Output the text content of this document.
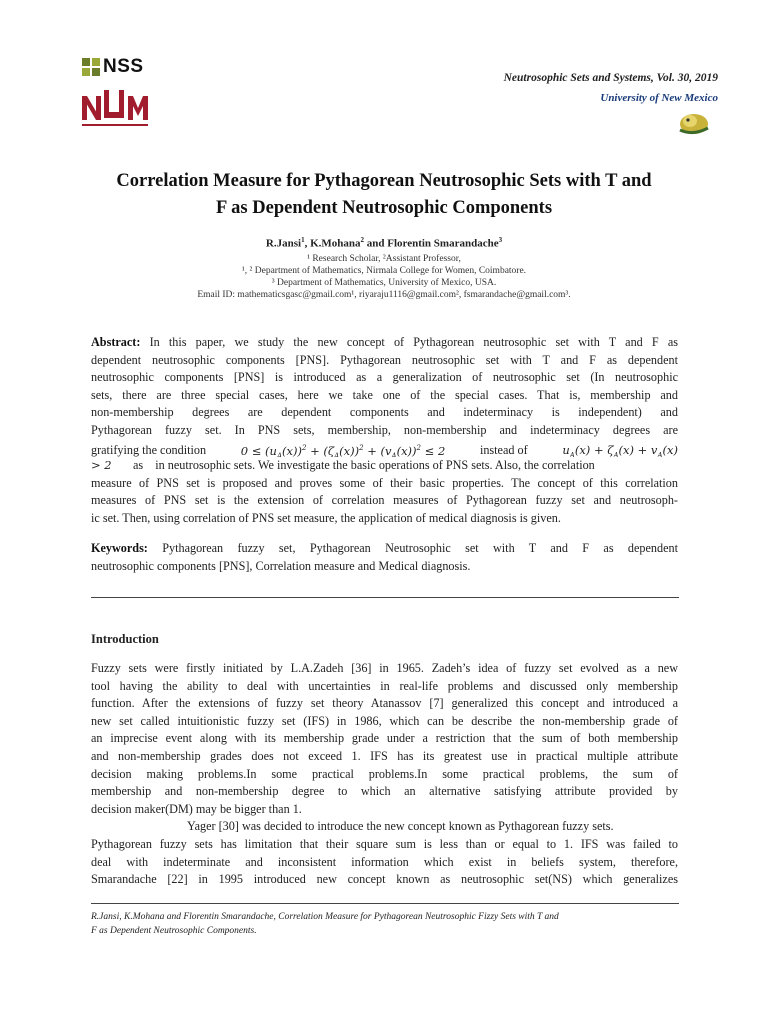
NSS
Neutrosophic Sets and Systems, Vol. 30, 2019
University of New Mexico
Correlation Measure for Pythagorean Neutrosophic Sets with T and
F as Dependent Neutrosophic Components
R.Jansi$^1$, K.Mohana$^2$ and Florentin Smarandache$^3$
¹ Research Scholar, ²Assistant Professor,
¹, ² Department of Mathematics, Nirmala College for Women, Coimbatore.
³ Department of Mathematics, University of Mexico, USA.
Email ID: mathematicsgasc@gmail.com¹, riyaraju1116@gmail.com², fsmarandache@gmail.com³.
Abstract: In this paper, we study the new concept of Pythagorean neutrosophic set with T and F as
dependent neutrosophic components [PNS]. Pythagorean neutrosophic set with T and F as dependent
neutrosophic components [PNS] is introduced as a generalization of neutrosophic set (In neutrosophic
sets, there are three special cases, here we take one of the special cases. That is, membership and
non-membership degrees are dependent components and indeterminacy is independent) and
Pythagorean fuzzy set. In PNS sets, membership, non-membership and indeterminacy degrees are
gratifying the condition	$0 \le (u_A(x))^2 + (\zeta_A(x))^2 + (v_A(x))^2 \le 2$	instead of	$u_A(x) + \zeta_A(x) + v_A(x)$
> 2 as in neutrosophic sets. We investigate the basic operations of PNS sets. Also, the correlation
measure of PNS set is proposed and proves some of their basic properties. The concept of this correlation
measures of PNS set is the extension of correlation measures of Pythagorean fuzzy set and neutrosoph-
ic set. Then, using correlation of PNS set measure, the application of medical diagnosis is given.
Keywords: Pythagorean fuzzy set, Pythagorean Neutrosophic set with T and F as dependent
neutrosophic components [PNS], Correlation measure and Medical diagnosis.
Introduction
Fuzzy sets were firstly initiated by L.A.Zadeh [36] in 1965. Zadeh’s idea of fuzzy set evolved as a new
tool having the ability to deal with uncertainties in real-life problems and discussed only membership
function. After the extensions of fuzzy set theory Atanassov [7] generalized this concept and introduced a
new set called intuitionistic fuzzy set (IFS) in 1986, which can be describe the non-membership grade of
an imprecise event along with its membership grade under a restriction that the sum of both membership
and non-membership grades does not exceed 1. IFS has its greatest use in practical multiple attribute
decision making problems.In some practical problems.In some practical problems, the sum of
membership and non-membership degree to which an alternative satisfying attribute provided by
decision maker(DM) may be bigger than 1.
Yager [30] was decided to introduce the new concept known as Pythagorean fuzzy sets.
Pythagorean fuzzy sets has limitation that their square sum is less than or equal to 1. IFS was failed to
deal with indeterminate and inconsistent information which exist in beliefs system, therefore,
Smarandache [22] in 1995 introduced new concept known as neutrosophic set(NS) which generalizes
R.Jansi, K.Mohana and Florentin Smarandache, Correlation Measure for Pythagorean Neutrosophic Fizzy Sets with T and
F as Dependent Neutrosophic Components.
